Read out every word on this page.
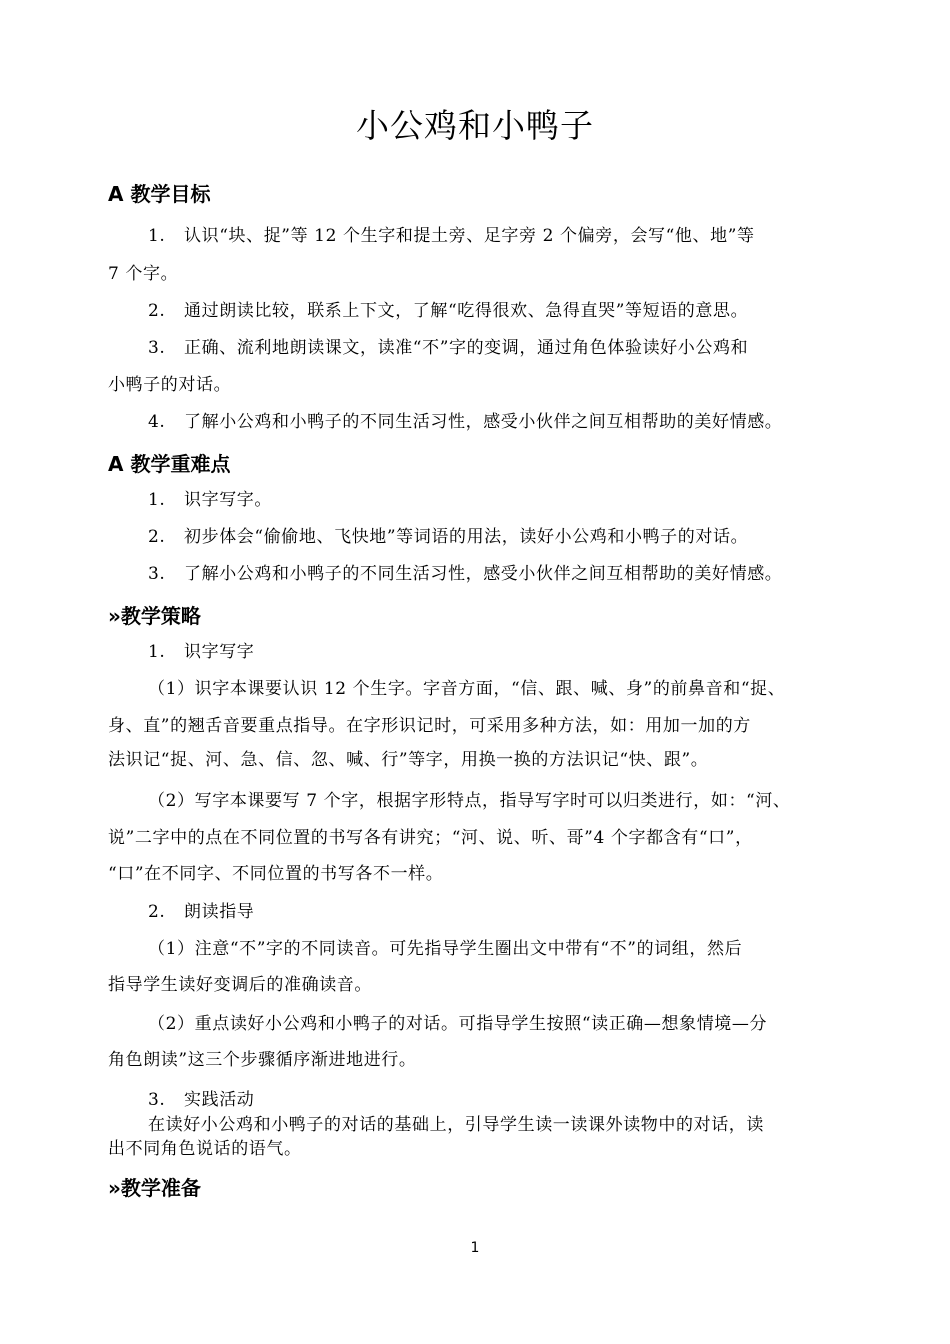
小公鸡和小鸭子
A 教学目标
1. 认识“块、捉”等 12 个生字和提土旁、足字旁 2 个偏旁，会写“他、地”等
7 个字。
2. 通过朗读比较，联系上下文，了解“吃得很欢、急得直哭”等短语的意思。
3. 正确、流利地朗读课文，读准“不”字的变调，通过角色体验读好小公鸡和
小鸭子的对话。
4. 了解小公鸡和小鸭子的不同生活习性，感受小伙伴之间互相帮助的美好情感。
A 教学重难点
1. 识字写字。
2. 初步体会“偷偷地、飞快地”等词语的用法，读好小公鸡和小鸭子的对话。
3. 了解小公鸡和小鸭子的不同生活习性，感受小伙伴之间互相帮助的美好情感。
»教学策略
1. 识字写字
（1）识字本课要认识 12 个生字。字音方面，“信、跟、喊、身”的前鼻音和“捉、
身、直”的翘舌音要重点指导。在字形识记时，可采用多种方法，如：用加一加的方
法识记“捉、河、急、信、忽、喊、行”等字，用换一换的方法识记“快、跟”。
（2）写字本课要写 7 个字，根据字形特点，指导写字时可以归类进行，如：“河、
说”二字中的点在不同位置的书写各有讲究；“河、说、听、哥”4 个字都含有“口”，
“口”在不同字、不同位置的书写各不一样。
2. 朗读指导
（1）注意“不”字的不同读音。可先指导学生圈出文中带有“不”的词组，然后
指导学生读好变调后的准确读音。
（2）重点读好小公鸡和小鸭子的对话。可指导学生按照“读正确—想象情境—分
角色朗读”这三个步骤循序渐进地进行。
3. 实践活动
在读好小公鸡和小鸭子的对话的基础上，引导学生读一读课外读物中的对话，读
出不同角色说话的语气。
»教学准备
1
